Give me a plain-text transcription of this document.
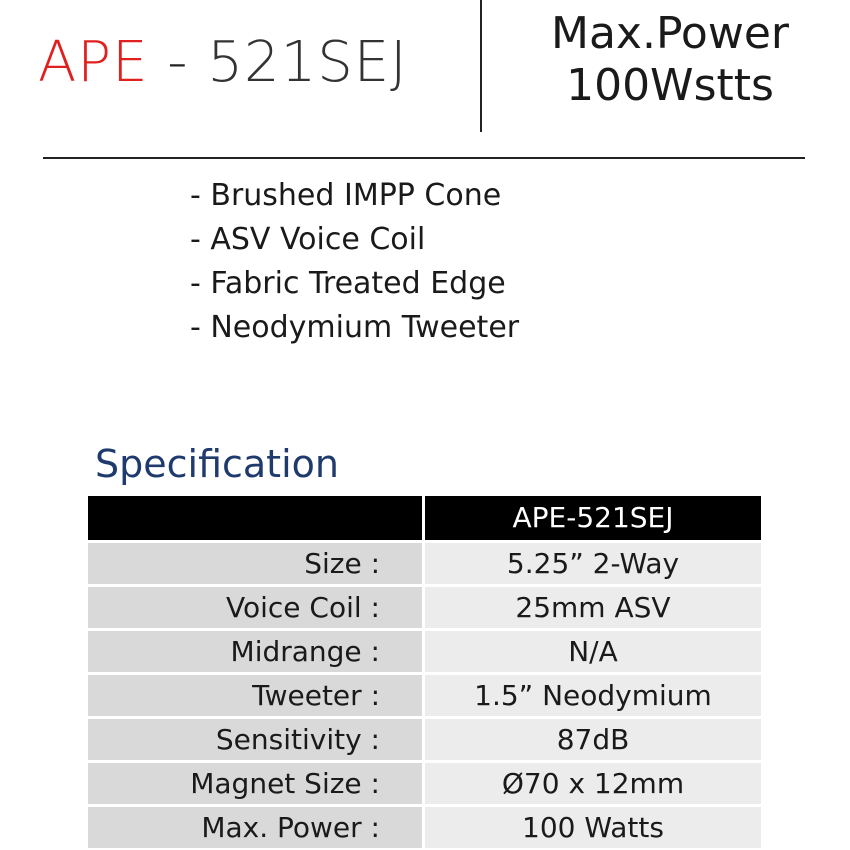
APE - 521SEJ	Max.Power
100Wstts
- Brushed IMPP Cone
- ASV Voice Coil
- Fabric Treated Edge
- Neodymium Tweeter
Specification
APE-521SEJ
Size :	5.25” 2-Way
Voice Coil :	25mm ASV
Midrange :	N/A
Tweeter :	1.5” Neodymium
Sensitivity :	87dB
Magnet Size :	Ø70 x 12mm
Max. Power :	100 Watts
